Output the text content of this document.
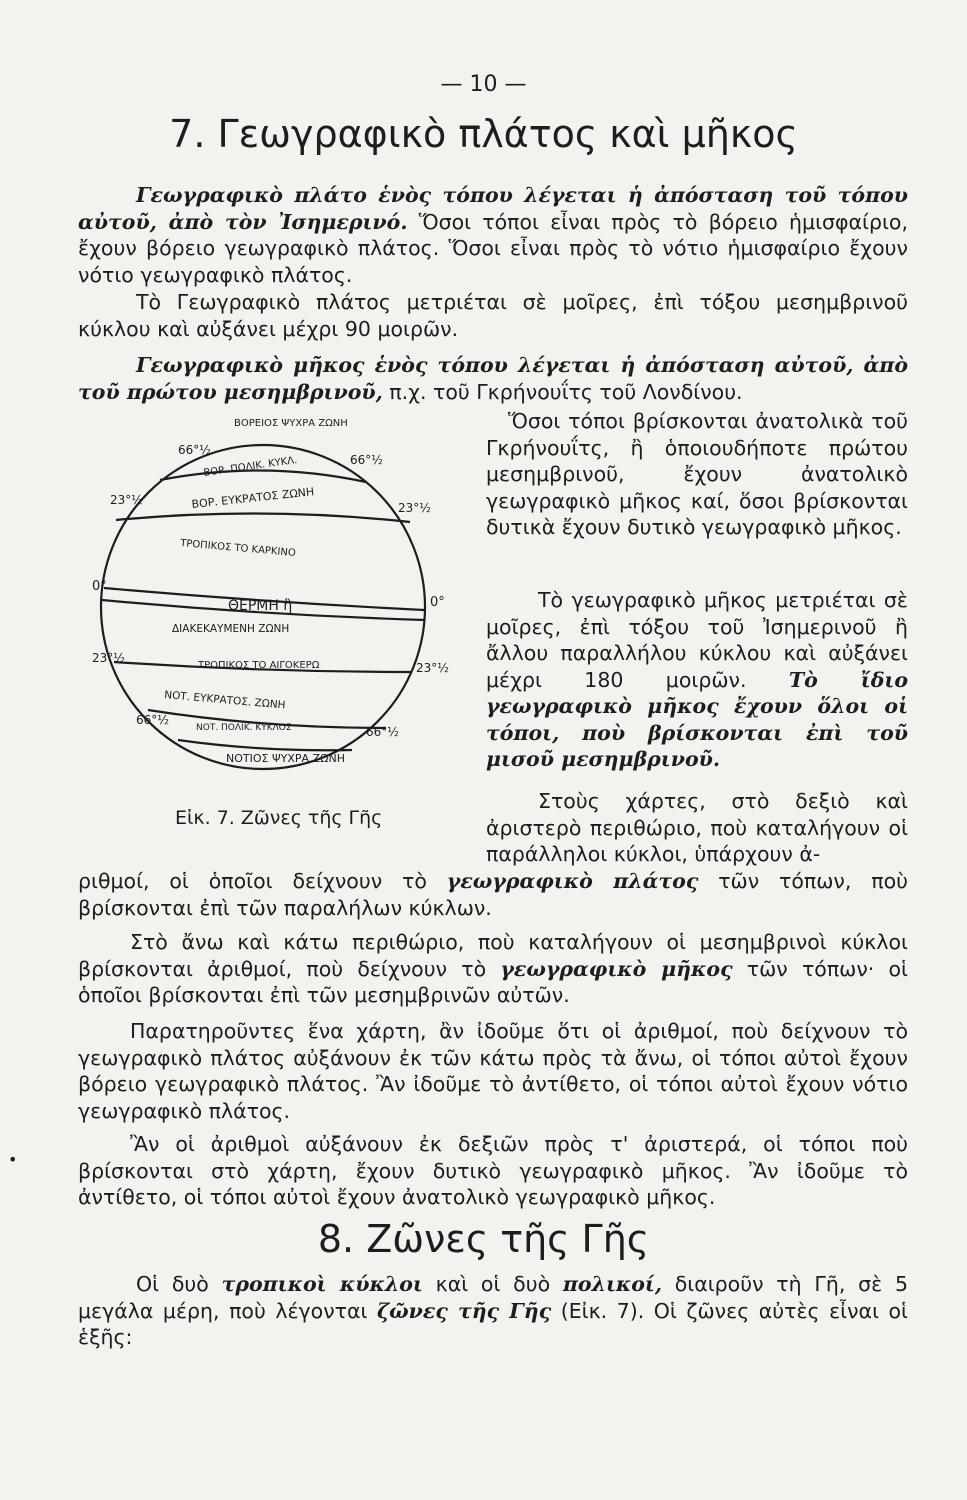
— 10 —
7. Γεωγραφικὸ πλάτος καὶ μῆκος
Γεωγραφικὸ πλάτο ἑνὸς τόπου λέγεται ἡ ἀπόσταση τοῦ τόπου αὐτοῦ, ἀπὸ τὸν Ἰσημερινό. Ὅσοι τόποι εἶναι πρὸς τὸ βόρειο ἡμισφαίριο, ἔχουν βόρειο γεωγραφικὸ πλάτος. Ὅσοι εἶναι πρὸς τὸ νότιο ἡμισφαίριο ἔχουν νότιο γεωγραφικὸ πλάτος.
Τὸ Γεωγραφικὸ πλάτος μετριέται σὲ μοῖρες, ἐπὶ τόξου μεσημβρινοῦ κύκλου καὶ αὐξάνει μέχρι 90 μοιρῶν.
Γεωγραφικὸ μῆκος ἑνὸς τόπου λέγεται ἡ ἀπόσταση αὐτοῦ, ἀπὸ τοῦ πρώτου μεσημβρινοῦ, π.χ. τοῦ Γκρήνουΐτς τοῦ Λονδίνου.
Ὅσοι τόποι βρίσκονται ἀνατολικὰ τοῦ Γκρήνουΐτς, ἢ ὁποιουδήποτε πρώτου μεσημβρινοῦ, ἔχουν ἀνατολικὸ γεωγραφικὸ μῆκος καί, ὅσοι βρίσκονται δυτικὰ ἔχουν δυτικὸ γεωγραφικὸ μῆκος.
Τὸ γεωγραφικὸ μῆκος μετριέται σὲ μοῖρες, ἐπὶ τόξου τοῦ Ἰσημερινοῦ ἢ ἄλλου παραλλήλου κύκλου καὶ αὐξάνει μέχρι 180 μοιρῶν. Τὸ ἴδιο γεωγραφικὸ μῆκος ἔχουν ὅλοι οἱ τόποι, ποὺ βρίσκονται ἐπὶ τοῦ μισοῦ μεσημβρινοῦ.
Στοὺς χάρτες, στὸ δεξιὸ καὶ ἀριστερὸ περιθώριο, ποὺ καταλήγουν οἱ παράλληλοι κύκλοι, ὑπάρχουν ἀ-
ριθμοί, οἱ ὁποῖοι δείχνουν τὸ γεωγραφικὸ πλάτος τῶν τόπων, ποὺ βρίσκονται ἐπὶ τῶν παραλήλων κύκλων.
Στὸ ἄνω καὶ κάτω περιθώριο, ποὺ καταλήγουν οἱ μεσημβρινοὶ κύκλοι βρίσκονται ἀριθμοί, ποὺ δείχνουν τὸ γεωγραφικὸ μῆκος τῶν τόπων· οἱ ὁποῖοι βρίσκονται ἐπὶ τῶν μεσημβρινῶν αὐτῶν.
Παρατηροῦντες ἕνα χάρτη, ἂν ἰδοῦμε ὅτι οἱ ἀριθμοί, ποὺ δείχνουν τὸ γεωγραφικὸ πλάτος αὐξάνουν ἐκ τῶν κάτω πρὸς τὰ ἄνω, οἱ τόποι αὐτοὶ ἔχουν βόρειο γεωγραφικὸ πλάτος. Ἂν ἰδοῦμε τὸ ἀντίθετο, οἱ τόποι αὐτοὶ ἔχουν νότιο γεωγραφικὸ πλάτος.
Ἂν οἱ ἀριθμοὶ αὐξάνουν ἐκ δεξιῶν πρὸς τ' ἀριστερά, οἱ τόποι ποὺ βρίσκονται στὸ χάρτη, ἔχουν δυτικὸ γεωγραφικὸ μῆκος. Ἂν ἰδοῦμε τὸ ἀντίθετο, οἱ τόποι αὐτοὶ ἔχουν ἀνατολικὸ γεωγραφικὸ μῆκος.
ΒΟΡΕΙΟΣ ΨΥΧΡΑ ΖΩΝΗ
ΒΟΡ. ΠΟΛΙΚ. ΚΥΚΛ.
ΒΟΡ. ΕΥΚΡΑΤΟΣ ΖΩΝΗ
ΤΡΟΠΙΚΟΣ ΤΟ ΚΑΡΚΙΝΟ
ΘΕΡΜΗ ἢ
ΔΙΑΚΕΚΑΥΜΕΝΗ ΖΩΝΗ
ΤΡΟΠΙΚΟΣ ΤΟ ΑΙΓΟΚΕΡΩ
ΝΟΤ. ΕΥΚΡΑΤΟΣ. ΖΩΝΗ
ΝΟΤ. ΠΟΛΙΚ. ΚΥΚΛΟΣ
ΝΟΤΙΟΣ ΨΥΧΡΑ ΖΩΝΗ
66°½
66°½
23°½
23°½
0°
0°
23°½
23°½
66°½
66°½
Εἰκ. 7. Ζῶνες τῆς Γῆς
8. Ζῶνες τῆς Γῆς
Οἱ δυὸ τροπικοὶ κύκλοι καὶ οἱ δυὸ πολικοί, διαιροῦν τὴ Γῆ, σὲ 5 μεγάλα μέρη, ποὺ λέγονται ζῶνες τῆς Γῆς (Εἰκ. 7). Οἱ ζῶνες αὐτὲς εἶναι οἱ ἑξῆς:
•
